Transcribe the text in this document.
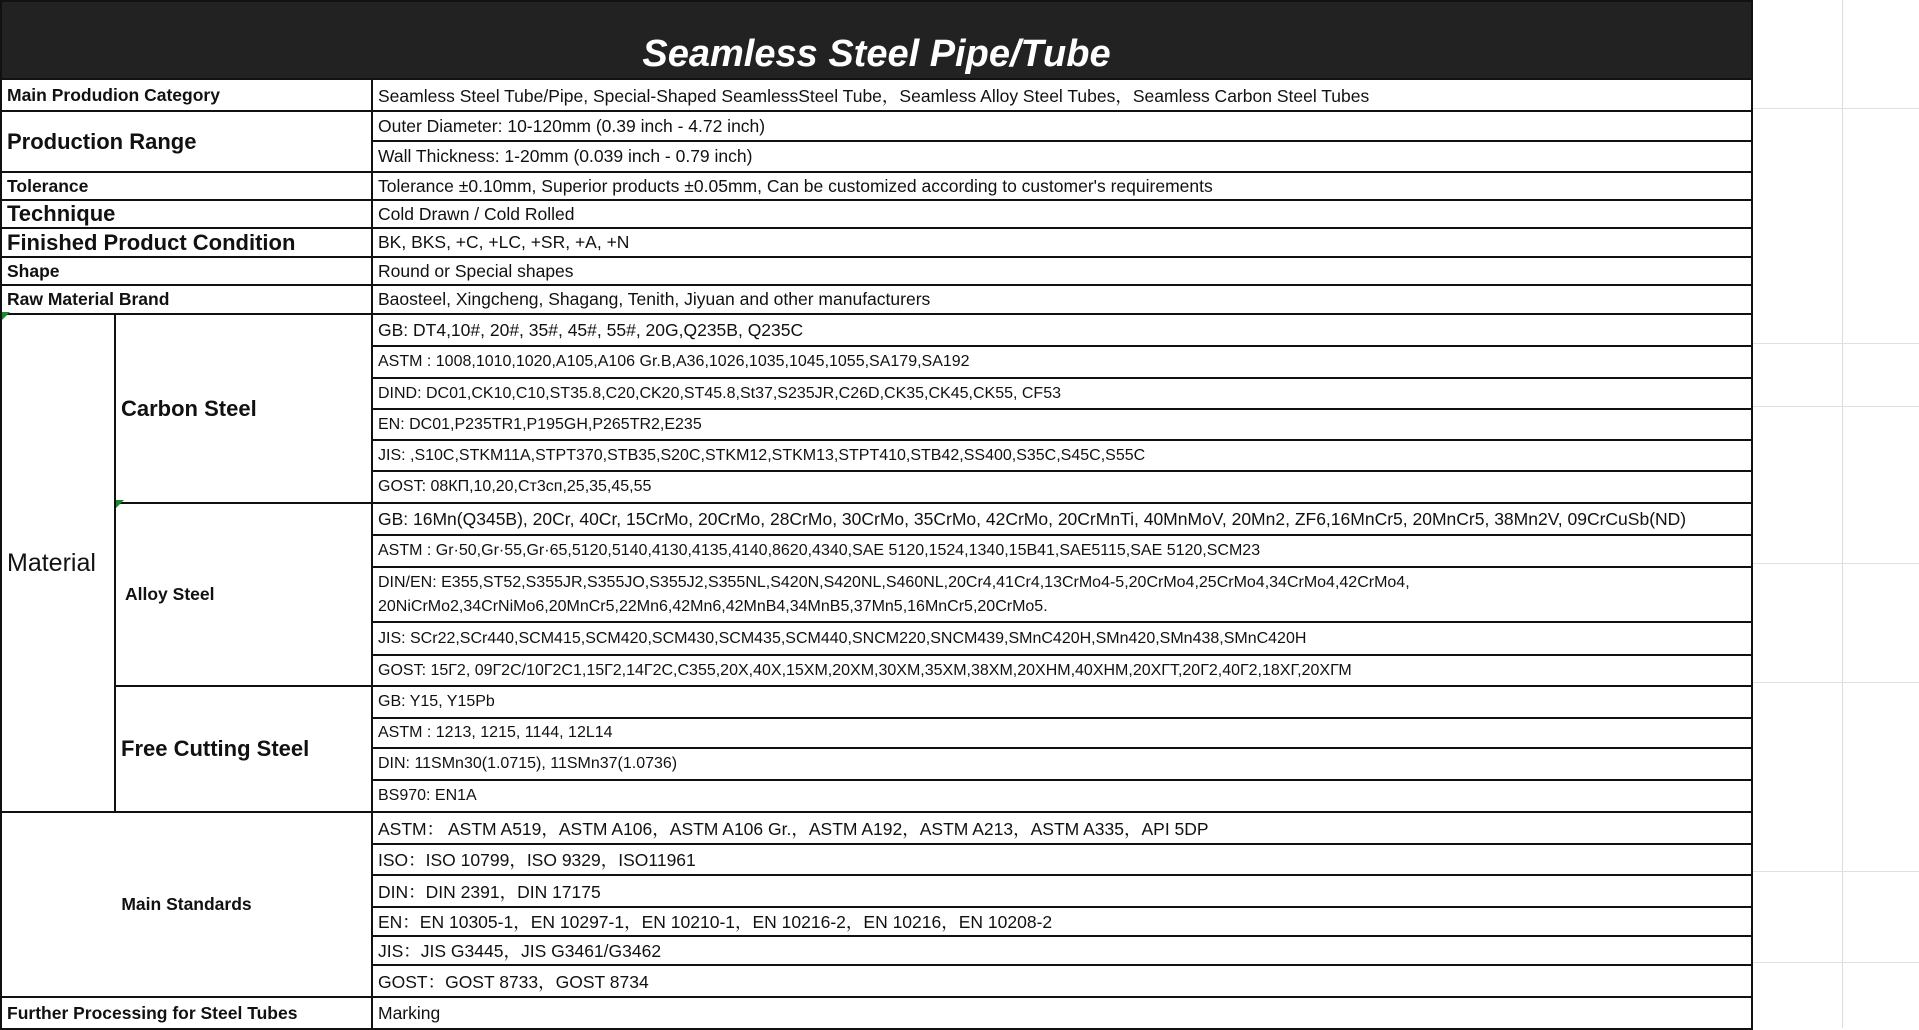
Seamless Steel Pipe/Tube		
Main Produdion Category		Seamless Steel Tube/Pipe, Special-Shaped SeamlessSteel Tube，Seamless Alloy Steel Tubes，Seamless Carbon Steel Tubes
Production Range		Outer Diameter: 10-120mm (0.39 inch - 4.72 inch)
		Wall Thickness: 1-20mm (0.039 inch - 0.79 inch)
Tolerance		Tolerance ±0.10mm, Superior products ±0.05mm, Can be customized according to customer's requirements
Technique		Cold Drawn / Cold Rolled
Finished Product Condition		BK, BKS, +C, +LC, +SR, +A, +N
Shape		Round or Special shapes
Raw Material Brand		Baosteel, Xingcheng, Shagang, Tenith, Jiyuan and other manufacturers
Material	Carbon Steel	GB: DT4,10#, 20#, 35#, 45#, 55#, 20G,Q235B, Q235C
		ASTM : 1008,1010,1020,A105,A106 Gr.B,A36,1026,1035,1045,1055,SA179,SA192
		DIND: DC01,CK10,C10,ST35.8,C20,CK20,ST45.8,St37,S235JR,C26D,CK35,CK45,CK55, CF53
		EN: DC01,P235TR1,P195GH,P265TR2,E235
		JIS: ,S10C,STKM11A,STPT370,STB35,S20C,STKM12,STKM13,STPT410,STB42,SS400,S35C,S45C,S55C
		GOST: 08КП,10,20,Ст3сп,25,35,45,55
	Alloy Steel	GB: 16Mn(Q345B), 20Cr, 40Cr, 15CrMo, 20CrMo, 28CrMo, 30CrMo, 35CrMo, 42CrMo, 20CrMnTi, 40MnMoV, 20Mn2, ZF6,16MnCr5, 20MnCr5, 38Mn2V, 09CrCuSb(ND)
		ASTM : Gr·50,Gr·55,Gr·65,5120,5140,4130,4135,4140,8620,4340,SAE 5120,1524,1340,15B41,SAE5115,SAE 5120,SCM23
		DIN/EN: E355,ST52,S355JR,S355JO,S355J2,S355NL,S420N,S420NL,S460NL,20Cr4,41Cr4,13CrMo4-5,20CrMo4,25CrMo4,34CrMo4,42CrMo4, 20NiCrMo2,34CrNiMo6,20MnCr5,22Mn6,42Mn6,42MnB4,34MnB5,37Mn5,16MnCr5,20CrMo5.
		JIS: SCr22,SCr440,SCM415,SCM420,SCM430,SCM435,SCM440,SNCM220,SNCM439,SMnC420H,SMn420,SMn438,SMnC420H
		GOST: 15Г2, 09Г2С/10Г2С1,15Г2,14Г2С,С355,20Х,40Х,15ХМ,20ХМ,30ХМ,35ХМ,38ХМ,20ХНМ,40ХНМ,20ХГТ,20Г2,40Г2,18ХГ,20ХГМ
	Free Cutting Steel	GB: Y15, Y15Pb
		ASTM : 1213, 1215, 1144, 12L14
		DIN: 11SMn30(1.0715), 11SMn37(1.0736)
		BS970: EN1A
Main Standards		ASTM： ASTM A519，ASTM A106，ASTM A106 Gr.，ASTM A192，ASTM A213，ASTM A335，API 5DP
		ISO：ISO 10799，ISO 9329，ISO11961
		DIN：DIN 2391，DIN 17175
		EN：EN 10305-1，EN 10297-1，EN 10210-1，EN 10216-2，EN 10216，EN 10208-2
		JIS：JIS G3445，JIS G3461/G3462
		GOST：GOST 8733，GOST 8734
Further Processing for Steel Tubes		Marking
